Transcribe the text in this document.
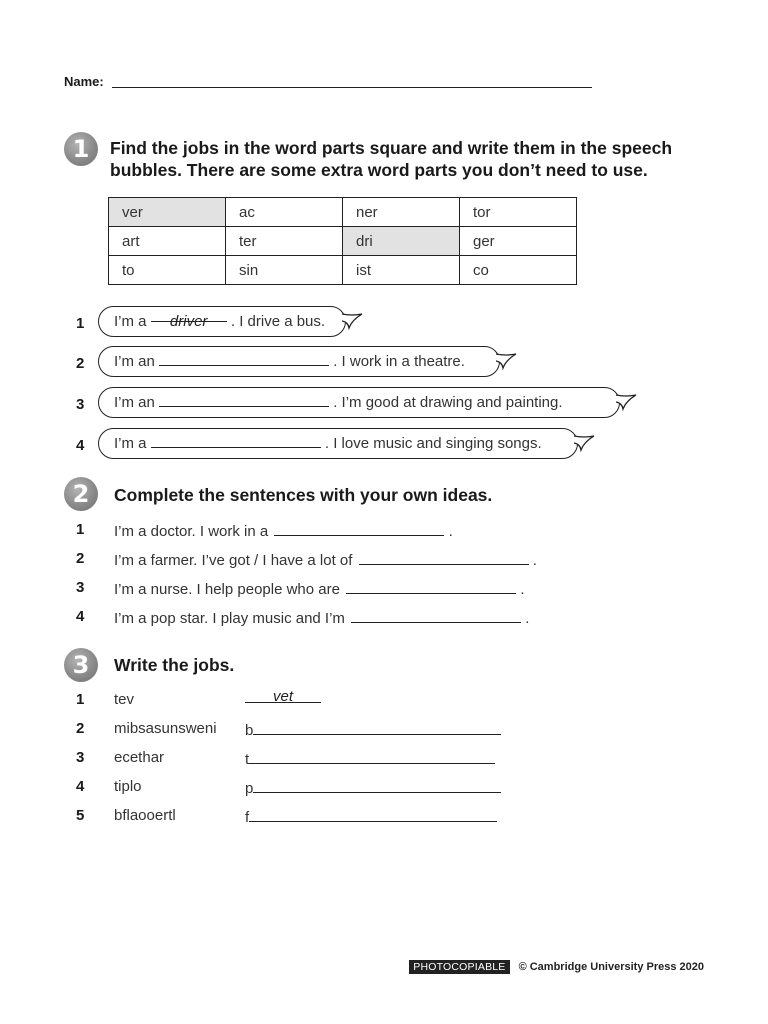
Name:
1	Find the jobs in the word parts square and write them in the speech bubbles. There are some extra word parts you don’t need to use.
ver	ac	ner	tor
art	ter	dri	ger
to	sin	ist	co
1	I’m a driver . I drive a bus.
2	I’m an	. I work in a theatre.
3	I’m an	. I’m good at drawing and painting.
4	I’m a	. I love music and singing songs.
2	Complete the sentences with your own ideas.
1 I’m a doctor. I work in a	.
2 I’m a farmer. I’ve got / I have a lot of	.
3 I’m a nurse. I help people who are	.
4 I’m a pop star. I play music and I’m	.
3	Write the jobs.
1 tev	vet
2 mibsasunsweni b
3 ecethar	t
4 tiplo	p
5 bflaooertl	f
PHOTOCOPIABLE © Cambridge University Press 2020
